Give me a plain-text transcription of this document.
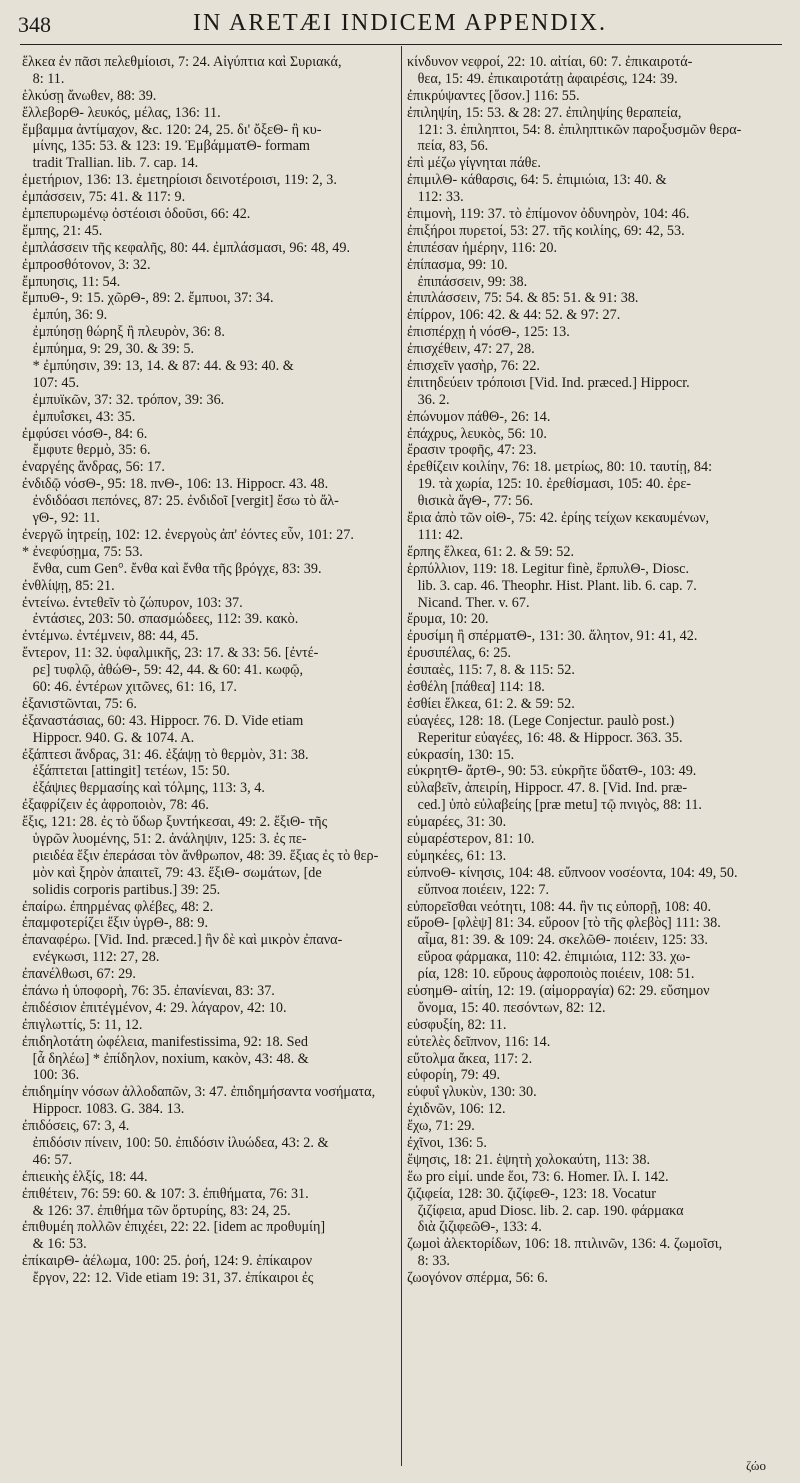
348	IN ARETÆI INDICEM APPENDIX.
ἕλκεα ἐν πᾶσι πελεθμίοισι, 7: 24. Αἰγύπτια καὶ Συριακά,
8: 11.
ἑλκύσῃ ἄνωθεν, 88: 39.
ἔλλεβορΘ- λευκός, μέλας, 136: 11.
ἔμβαμμα ἀντίμαχον, &c. 120: 24, 25. δι' ὄξεΘ- ἢ κυ-
μίνης, 135: 53. & 123: 19. ἘμβάμματΘ- formam
tradit Trallian. lib. 7. cap. 14.
ἐμετήριον, 136: 13. ἐμετηρίοισι δεινοτέροισι, 119: 2, 3.
ἐμπάσσειν, 75: 41. & 117: 9.
ἐμπεπυρωμένῳ ὀστέοισι ὁδοῦσι, 66: 42.
ἔμπης, 21: 45.
ἐμπλάσσειν τῆς κεφαλῆς, 80: 44. ἐμπλάσμασι, 96: 48, 49.
ἐμπροσθότονον, 3: 32.
ἔμπυησις, 11: 54.
ἔμπυΘ-, 9: 15. χῶρΘ-, 89: 2. ἔμπυοι, 37: 34.
ἐμπύη, 36: 9.
ἐμπύησῃ θώρηξ ἢ πλευρὸν, 36: 8.
ἐμπύημα, 9: 29, 30. & 39: 5.
* ἐμπύησιν, 39: 13, 14. & 87: 44. & 93: 40. &
107: 45.
ἐμπυϊκῶν, 37: 32. τρόπον, 39: 36.
ἐμπυΐσκει, 43: 35.
ἐμφύσει νόσΘ-, 84: 6.
ἔμφυτε θερμὸ, 35: 6.
ἐναργέης ἄνδρας, 56: 17.
ἐνδιδῷ νόσΘ-, 95: 18. πνΘ-, 106: 13. Hippocr. 43. 48.
ἐνδιδόασι πεπόνες, 87: 25. ἐνδιδοῖ [vergit] ἔσω τὸ ἄλ-
γΘ-, 92: 11.
ἐνεργῶ ἰητρείῃ, 102: 12. ἐνεργοὺς ἀπ' ἐόντες εὖν, 101: 27.
* ἐνεφύσῃμα, 75: 53.
ἔνθα, cum Gen°. ἔνθα καὶ ἔνθα τῆς βρόγχε, 83: 39.
ἐνθλίψῃ, 85: 21.
ἐντείνω. ἐντεθεῖν τὸ ζώπυρον, 103: 37.
ἐντάσιες, 203: 50. σπασμώδεες, 112: 39. κακὸ.
ἐντέμνω. ἐντέμνειν, 88: 44, 45.
ἔντερον, 11: 32. ὑφαλμικῆς, 23: 17. & 33: 56. [ἐντέ-
ρε] τυφλῷ, ἀθώΘ-, 59: 42, 44. & 60: 41. κωφῷ,
60: 46. ἐντέρων χιτῶνες, 61: 16, 17.
ἐξανιστῶνται, 75: 6.
ἐξαναστάσιας, 60: 43. Hippocr. 76. D. Vide etiam
Hippocr. 940. G. & 1074. A.
ἐξάπτεσι ἄνδρας, 31: 46. ἐξάψῃ τὸ θερμὸν, 31: 38.
ἐξάπτεται [attingit] τετέων, 15: 50.
ἐξάψιες θερμασίης καὶ τόλμης, 113: 3, 4.
ἐξαφρίζειν ἐς ἀφροποιὸν, 78: 46.
ἔξις, 121: 28. ἐς τὸ ὕδωρ ξυντήκεσαι, 49: 2. ἕξιΘ- τῆς
ὑγρῶν λυομένης, 51: 2. ἀνάληψιν, 125: 3. ἐς πε-
ριειδέα ἕξιν ἐπεράσαι τὸν ἄνθρωπον, 48: 39. ἕξιας ἐς τὸ θερ-
μὸν καὶ ξηρὸν ἀπαιτεῖ, 79: 43. ἕξιΘ- σωμάτων, [de
solidis corporis partibus.] 39: 25.
ἐπαίρω. ἐπηρμένας φλέβες, 48: 2.
ἐπαμφοτερίζει ἕξιν ὑγρΘ-, 88: 9.
ἐπαναφέρω. [Vid. Ind. præced.] ἢν δὲ καὶ μικρὸν ἐπανα-
ενέγκωσι, 112: 27, 28.
ἐπανέλθωσι, 67: 29.
ἐπάνω ἡ ὑποφορὴ, 76: 35. ἐπανίεναι, 83: 37.
ἐπιδέσιον ἐπιτέγμένον, 4: 29. λάγαρον, 42: 10.
ἐπιγλωττίς, 5: 11, 12.
ἐπιδηλοτάτη ὠφέλεια, manifestissima, 92: 18. Sed
[ἆ δηλέω] * ἐπίδηλον, noxium, κακὸν, 43: 48. &
100: 36.
ἐπιδημίην νόσων ἀλλοδαπῶν, 3: 47. ἐπιδημήσαντα νοσήματα,
Hippocr. 1083. G. 384. 13.
ἐπιδόσεις, 67: 3, 4.
ἐπιδόσιν πίνειν, 100: 50. ἐπιδόσιν ἰλυώδεα, 43: 2. &
46: 57.
ἐπιεικὴς ἑλξίς, 18: 44.
ἐπιθέτειν, 76: 59: 60. & 107: 3. ἐπιθήματα, 76: 31.
& 126: 37. ἐπιθήμα τῶν ὄρτυρίης, 83: 24, 25.
ἐπιθυμέη πολλῶν ἐπιχέει, 22: 22. [idem ac προθυμίη]
& 16: 53.
ἐπίκαιρΘ- ἀέλωμα, 100: 25. ῥοή, 124: 9. ἐπίκαιρον
ἔργον, 22: 12. Vide etiam 19: 31, 37. ἐπίκαιροι ἐς
κίνδυνον νεφροί, 22: 10. αἰτίαι, 60: 7. ἐπικαιροτά-
θεα, 15: 49. ἐπικαιροτάτῃ ἀφαιρέσις, 124: 39.
ἐπικρύψαντες [ὅσον.] 116: 55.
ἐπιληψίη, 15: 53. & 28: 27. ἐπιληψίης θεραπεία,
121: 3. ἐπιληπτοι, 54: 8. ἐπιληπτικῶν παροξυσμῶν θερα-
πεία, 83, 56.
ἐπὶ μέζω γίγνηται πάθε.
ἐπιμιλΘ- κάθαρσις, 64: 5. ἐπιμιώια, 13: 40. &
112: 33.
ἐπιμονὴ, 119: 37. τὸ ἐπίμονον ὀδυνηρὸν, 104: 46.
ἐπιξήροι πυρετοί, 53: 27. τῆς κοιλίης, 69: 42, 53.
ἐπιπέσαν ἡμέρην, 116: 20.
ἐπίπασμα, 99: 10.
ἐπιπάσσειν, 99: 38.
ἐπιπλάσσειν, 75: 54. & 85: 51. & 91: 38.
ἐπίρρον, 106: 42. & 44: 52. & 97: 27.
ἐπισπέρχῃ ἡ νόσΘ-, 125: 13.
ἐπισχέθειν, 47: 27, 28.
ἐπισχεῖν γασὴρ, 76: 22.
ἐπιτηδεύειν τρόποισι [Vid. Ind. præced.] Hippocr.
36. 2.
ἐπώνυμον πάθΘ-, 26: 14.
ἐπάχρυς, λευκὸς, 56: 10.
ἔρασιν τροφῆς, 47: 23.
ἐρεθίζειν κοιλίην, 76: 18. μετρίως, 80: 10. ταυτίῃ, 84:
19. τὰ χωρία, 125: 10. ἐρεθίσμασι, 105: 40. ἐρε-
θισικὰ ἄγΘ-, 77: 56.
ἔρια ἀπὸ τῶν οἰΘ-, 75: 42. ἐρίης τείχων κεκαυμένων,
111: 42.
ἕρπης ἕλκεα, 61: 2. & 59: 52.
ἑρπύλλιον, 119: 18. Legitur finè, ἕρπυλΘ-, Diosc.
lib. 3. cap. 46. Theophr. Hist. Plant. lib. 6. cap. 7.
Nicand. Ther. v. 67.
ἔρυμα, 10: 20.
ἐρυσίμη ἢ σπέρματΘ-, 131: 30. ἄλητον, 91: 41, 42.
ἐρυσιπέλας, 6: 25.
ἐσιπαὲς, 115: 7, 8. & 115: 52.
ἐσθέλη [πάθεα] 114: 18.
ἐσθίει ἕλκεα, 61: 2. & 59: 52.
εὐαγέες, 128: 18. (Lege Conjectur. paulò post.)
Reperitur εὐαγέες, 16: 48. & Hippocr. 363. 35.
εὐκρασίη, 130: 15.
εὐκρητΘ- ἄρτΘ-, 90: 53. εὐκρῆτε ὕδατΘ-, 103: 49.
εὐλαβεῖν, ἀπειρίη, Hippocr. 47. 8. [Vid. Ind. præ-
ced.] ὑπὸ εὐλαβείης [præ metu] τῷ πνιγὸς, 88: 11.
εὐμαρέες, 31: 30.
εὐμαρέστερον, 81: 10.
εὐμηκέες, 61: 13.
εὐπνοΘ- κίνησις, 104: 48. εὔπνοον νοσέοντα, 104: 49, 50.
εὔπνοα ποιέειν, 122: 7.
εὐπορεῖσθαι νεότητι, 108: 44. ἢν τις εὐπορῇ, 108: 40.
εὔροΘ- [φλὲψ] 81: 34. εὔροον [τὸ τῆς φλεβὸς] 111: 38.
αἷμα, 81: 39. & 109: 24. σκελῶΘ- ποιέειν, 125: 33.
εὔροα φάρμακα, 110: 42. ἐπιμιώια, 112: 33. χω-
ρία, 128: 10. εὔρους ἀφροποιὸς ποιέειν, 108: 51.
εὐσημΘ- αἰτίη, 12: 19. (αἱμορραγία) 62: 29. εὔσημον
ὄνομα, 15: 40. πεσόντων, 82: 12.
εὐσφυξίη, 82: 11.
εὐτελὲς δεῖπνον, 116: 14.
εὔτολμα ἄκεα, 117: 2.
εὐφορίη, 79: 49.
εὐφυΐ γλυκὺν, 130: 30.
ἐχιδνῶν, 106: 12.
ἔχω, 71: 29.
ἐχῖνοι, 136: 5.
ἕψησις, 18: 21. ἑψητὴ χολοκαύτη, 113: 38.
ἕω pro εἰμί. unde ἕοι, 73: 6. Homer. Ιλ. Ι. 142.
ζιζιφεία, 128: 30. ζιζίφεΘ-, 123: 18. Vocatur
ζιζίφεια, apud Diosc. lib. 2. cap. 190. φάρμακα
διὰ ζιζιφεῶΘ-, 133: 4.
ζωμοὶ ἀλεκτορίδων, 106: 18. πτιλινῶν, 136: 4. ζωμοῖσι,
8: 33.
ζωογόνον σπέρμα, 56: 6.
ζώο
